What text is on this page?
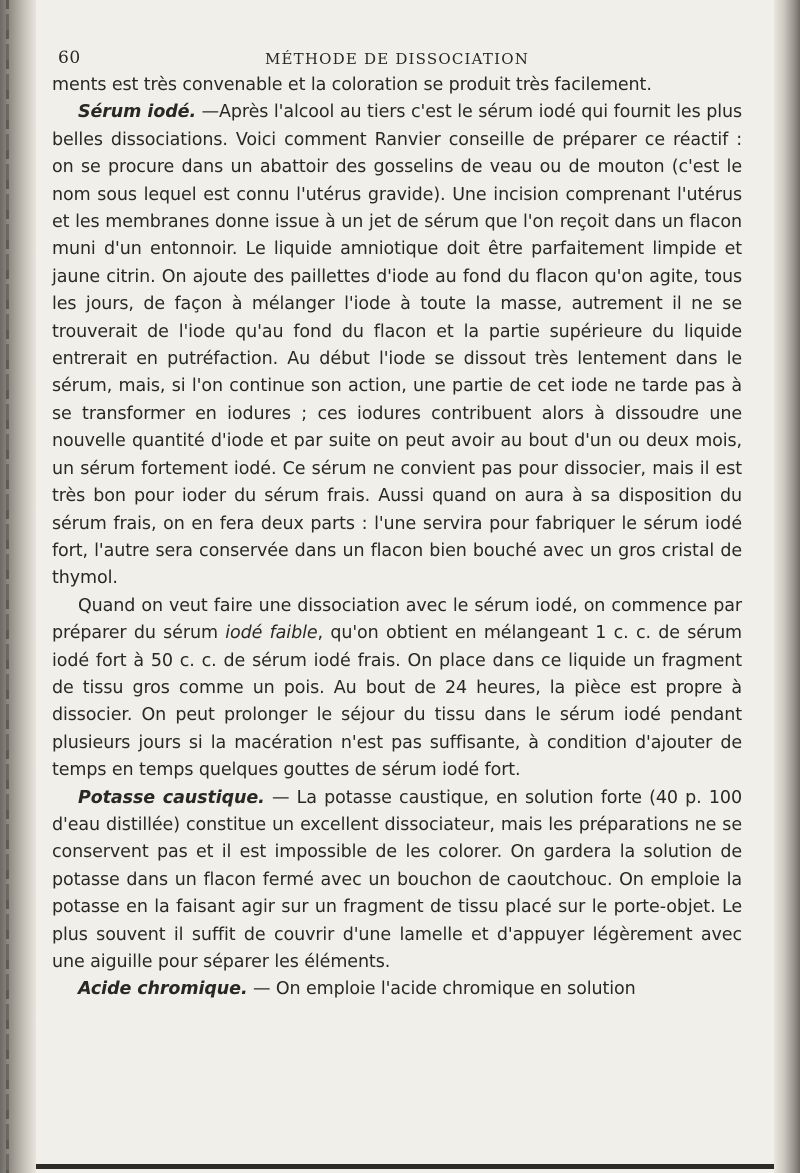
60	MÉTHODE DE DISSOCIATION

ments est très convenable et la coloration se produit très facilement.

Sérum iodé. —Après l'alcool au tiers c'est le sérum iodé qui fournit les plus belles dissociations. Voici comment Ranvier conseille de préparer ce réactif : on se procure dans un abattoir des gosselins de veau ou de mouton (c'est le nom sous lequel est connu l'utérus gravide). Une incision comprenant l'utérus et les membranes donne issue à un jet de sérum que l'on reçoit dans un flacon muni d'un entonnoir. Le liquide amniotique doit être parfaitement limpide et jaune citrin. On ajoute des paillettes d'iode au fond du flacon qu'on agite, tous les jours, de façon à mélanger l'iode à toute la masse, autrement il ne se trouverait de l'iode qu'au fond du flacon et la partie supérieure du liquide entrerait en putréfaction. Au début l'iode se dissout très lentement dans le sérum, mais, si l'on continue son action, une partie de cet iode ne tarde pas à se transformer en iodures ; ces iodures contribuent alors à dissoudre une nouvelle quantité d'iode et par suite on peut avoir au bout d'un ou deux mois, un sérum fortement iodé. Ce sérum ne convient pas pour dissocier, mais il est très bon pour ioder du sérum frais. Aussi quand on aura à sa disposition du sérum frais, on en fera deux parts : l'une servira pour fabriquer le sérum iodé fort, l'autre sera conservée dans un flacon bien bouché avec un gros cristal de thymol.

Quand on veut faire une dissociation avec le sérum iodé, on commence par préparer du sérum iodé faible, qu'on obtient en mélangeant 1 c. c. de sérum iodé fort à 50 c. c. de sérum iodé frais. On place dans ce liquide un fragment de tissu gros comme un pois. Au bout de 24 heures, la pièce est propre à dissocier. On peut prolonger le séjour du tissu dans le sérum iodé pendant plusieurs jours si la macération n'est pas suffisante, à condition d'ajouter de temps en temps quelques gouttes de sérum iodé fort.

Potasse caustique. — La potasse caustique, en solution forte (40 p. 100 d'eau distillée) constitue un excellent dissociateur, mais les préparations ne se conservent pas et il est impossible de les colorer. On gardera la solution de potasse dans un flacon fermé avec un bouchon de caoutchouc. On emploie la potasse en la faisant agir sur un fragment de tissu placé sur le porte-objet. Le plus souvent il suffit de couvrir d'une lamelle et d'appuyer légèrement avec une aiguille pour séparer les éléments.

Acide chromique. — On emploie l'acide chromique en solution
